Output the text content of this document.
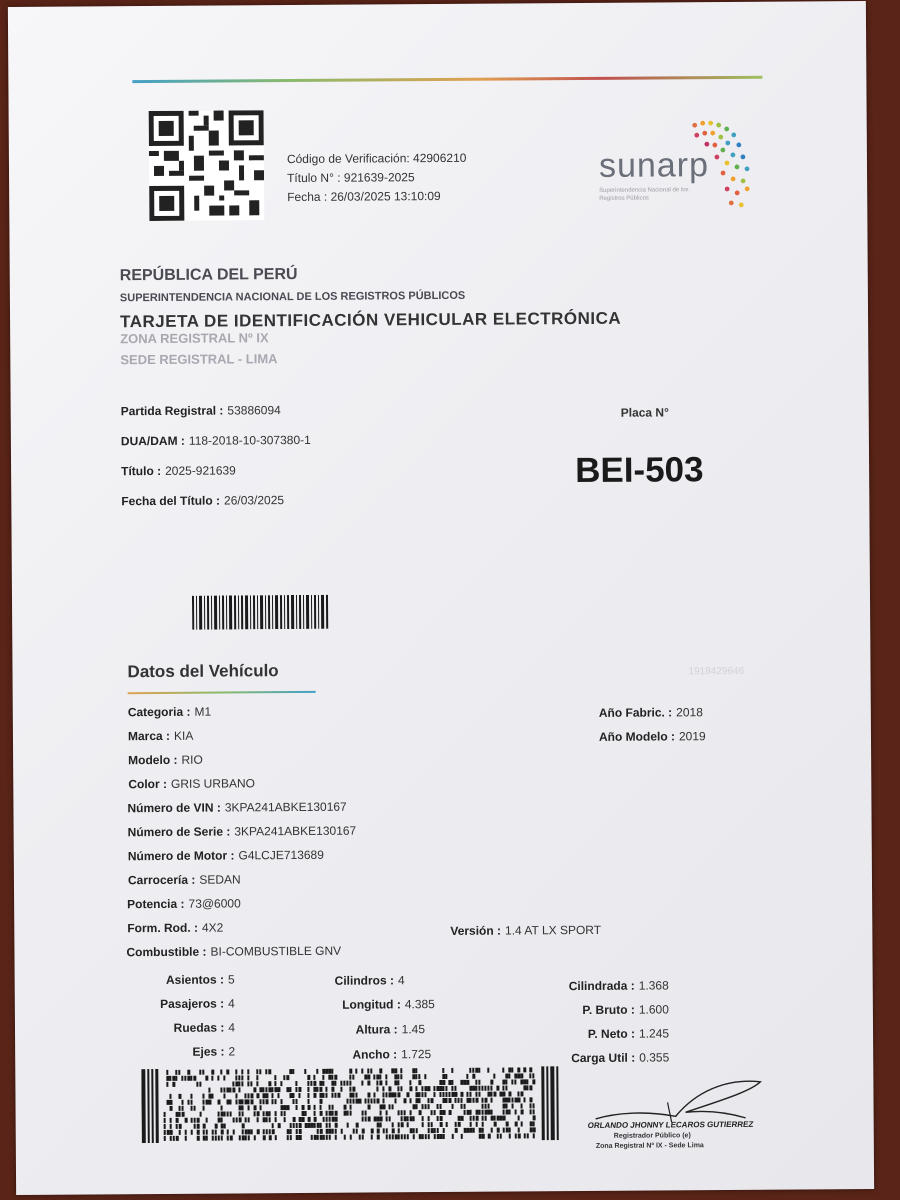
Código de Verificación: 42906210
Título N° : 921639-2025
Fecha : 26/03/2025 13:10:09
sunarp
Superintendencia Nacional de los Registros Públicos
REPÚBLICA DEL PERÚ
SUPERINTENDENCIA NACIONAL DE LOS REGISTROS PÚBLICOS
TARJETA DE IDENTIFICACIÓN VEHICULAR ELECTRÓNICA
ZONA REGISTRAL Nº IX
SEDE REGISTRAL - LIMA
Partida Registral : 53886094
DUA/DAM : 118-2018-10-307380-1
Título : 2025-921639
Fecha del Título : 26/03/2025
Placa N°
BEI-503
Datos del Vehículo	1918429646
Categoria : M1
Marca : KIA
Modelo : RIO
Color : GRIS URBANO
Número de VIN : 3KPA241ABKE130167
Número de Serie : 3KPA241ABKE130167
Número de Motor : G4LCJE713689
Carrocería : SEDAN
Potencia : 73@6000
Form. Rod. : 4X2
Combustible : BI-COMBUSTIBLE GNV
Año Fabric. : 2018
Año Modelo : 2019
Versión : 1.4 AT LX SPORT
Asientos : 5
Pasajeros : 4
Ruedas : 4
Ejes : 2
Cilindros : 4
Longitud : 4.385
Altura : 1.45
Ancho : 1.725
Cilindrada : 1.368
P. Bruto : 1.600
P. Neto : 1.245
Carga Util : 0.355
ORLANDO JHONNY LECAROS GUTIERREZ
Registrador Público (e)
Zona Registral Nº IX - Sede Lima
